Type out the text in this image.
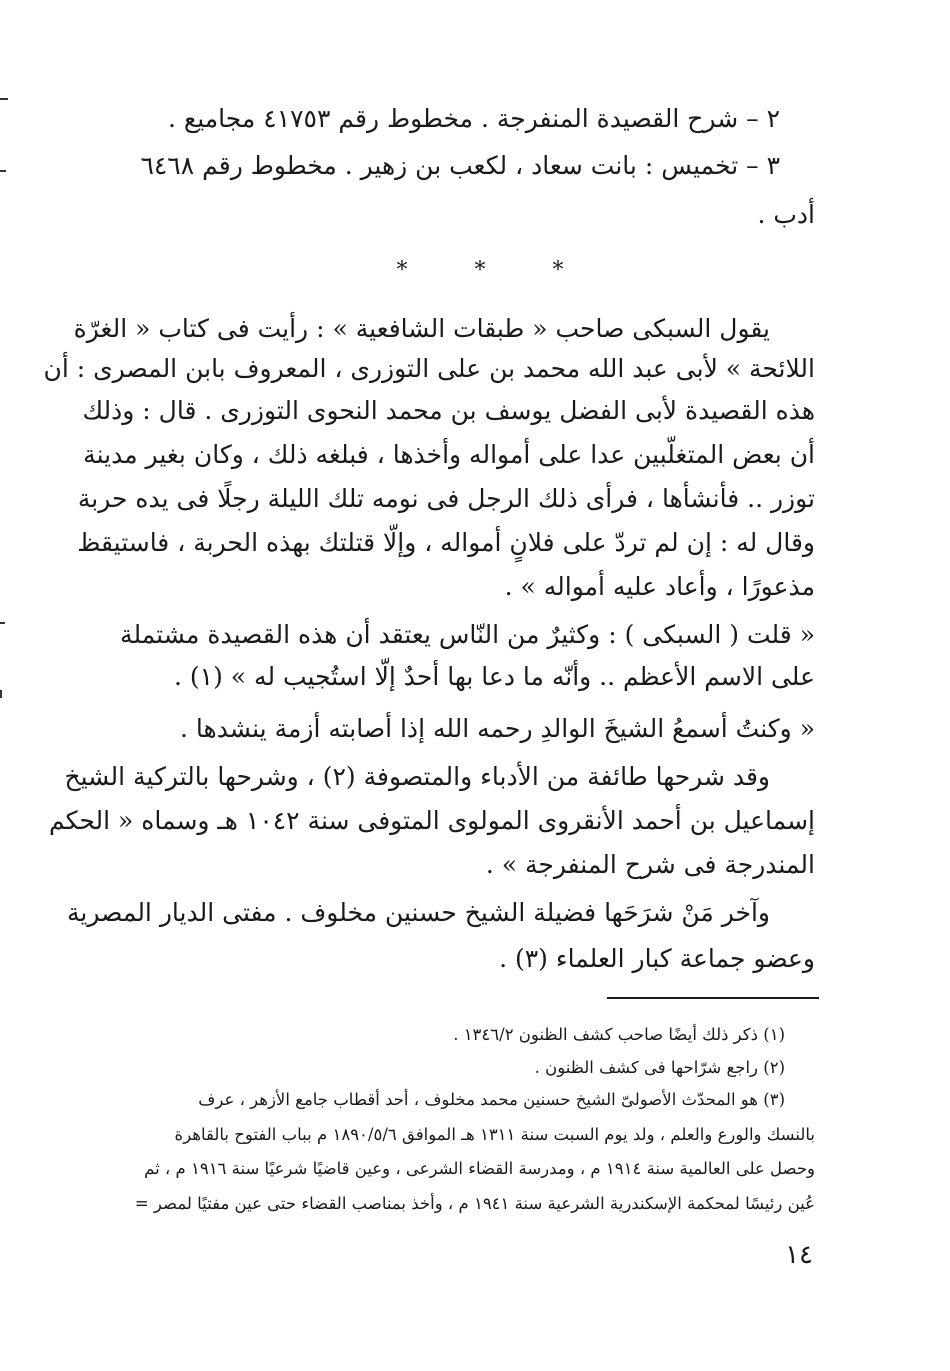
٢ – شرح القصيدة المنفرجة . مخطوط رقم ٤١٧٥٣ مجاميع .
٣ – تخميس : بانت سعاد ، لكعب بن زهير . مخطوط رقم ٦٤٦٨
أدب .
* * *
يقول السبكى صاحب « طبقات الشافعية » : رأيت فى كتاب « الغرّة
اللائحة » لأبى عبد الله محمد بن على التوزرى ، المعروف بابن المصرى : أن
هذه القصيدة لأبى الفضل يوسف بن محمد النحوى التوزرى . قال : وذلك
أن بعض المتغلّبين عدا على أمواله وأخذها ، فبلغه ذلك ، وكان بغير مدينة
توزر .. فأنشأها ، فرأى ذلك الرجل فى نومه تلك الليلة رجلًا فى يده حربة
وقال له : إن لم تردّ على فلانٍ أمواله ، وإلّا قتلتك بهذه الحربة ، فاستيقظ
مذعورًا ، وأعاد عليه أمواله » .
« قلت ( السبكى ) : وكثيرٌ من النّاس يعتقد أن هذه القصيدة مشتملة
على الاسم الأعظم .. وأنّه ما دعا بها أحدٌ إلّا استُجيب له » (١) .
« وكنتُ أسمعُ الشيخَ الوالدِ رحمه الله إذا أصابته أزمة ينشدها .
وقد شرحها طائفة من الأدباء والمتصوفة (٢) ، وشرحها بالتركية الشيخ
إسماعيل بن أحمد الأنقروى المولوى المتوفى سنة ١٠٤٢ هـ وسماه « الحكم
المندرجة فى شرح المنفرجة » .
وآخر مَنْ شرَحَها فضيلة الشيخ حسنين مخلوف . مفتى الديار المصرية
وعضو جماعة كبار العلماء (٣) .
(١) ذكر ذلك أيضًا صاحب كشف الظنون ١٣٤٦/٢ .
(٢) راجع شرّاحها فى كشف الظنون .
(٣) هو المحدّث الأصولىّ الشيخ حسنين محمد مخلوف ، أحد أقطاب جامع الأزهر ، عرف
بالنسك والورع والعلم ، ولد يوم السبت سنة ١٣١١ هـ الموافق ١٨٩٠/٥/٦ م بباب الفتوح بالقاهرة
وحصل على العالمية سنة ١٩١٤ م ، ومدرسة القضاء الشرعى ، وعين قاضيًا شرعيًا سنة ١٩١٦ م ، ثم
عُين رئيسًا لمحكمة الإسكندرية الشرعية سنة ١٩٤١ م ، وأخذ بمناصب القضاء حتى عين مفتيًا لمصر =
١٤
